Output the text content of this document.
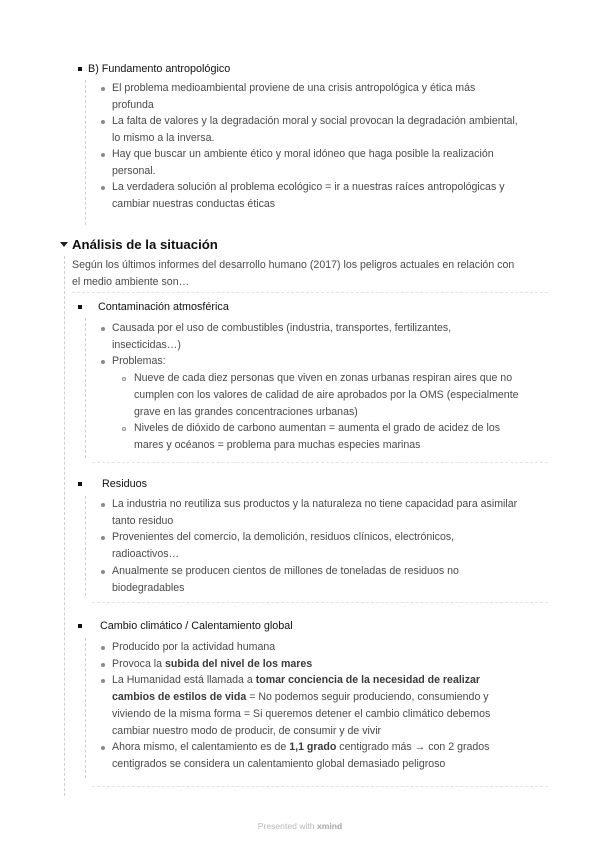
B) Fundamento antropológico
El problema medioambiental proviene de una crisis antropológica y ética más
profunda
La falta de valores y la degradación moral y social provocan la degradación ambiental,
lo mismo a la inversa.
Hay que buscar un ambiente ético y moral idóneo que haga posible la realización
personal.
La verdadera solución al problema ecológico = ir a nuestras raíces antropológicas y
cambiar nuestras conductas éticas
Análisis de la situación
Según los últimos informes del desarrollo humano (2017) los peligros actuales en relación con
el medio ambiente son…
Contaminación atmosférica
Causada por el uso de combustibles (industria, transportes, fertilizantes,
insecticidas…)
Problemas:
Nueve de cada diez personas que viven en zonas urbanas respiran aires que no
cumplen con los valores de calidad de aire aprobados por la OMS (especialmente
grave en las grandes concentraciones urbanas)
Niveles de dióxido de carbono aumentan = aumenta el grado de acidez de los
mares y océanos = problema para muchas especies marinas
Residuos
La industria no reutiliza sus productos y la naturaleza no tiene capacidad para asimilar
tanto residuo
Provenientes del comercio, la demolición, residuos clínicos, electrónicos,
radioactivos…
Anualmente se producen cientos de millones de toneladas de residuos no
biodegradables
Cambio climático / Calentamiento global
Producido por la actividad humana
Provoca la subida del nivel de los mares
La Humanidad está llamada a tomar conciencia de la necesidad de realizar
cambios de estilos de vida = No podemos seguir produciendo, consumiendo y
viviendo de la misma forma = Si queremos detener el cambio climático debemos
cambiar nuestro modo de producir, de consumir y de vivir
Ahora mismo, el calentamiento es de 1,1 grado centigrado más → con 2 grados
centigrados se considera un calentamiento global demasiado peligroso
Presented with xmind
